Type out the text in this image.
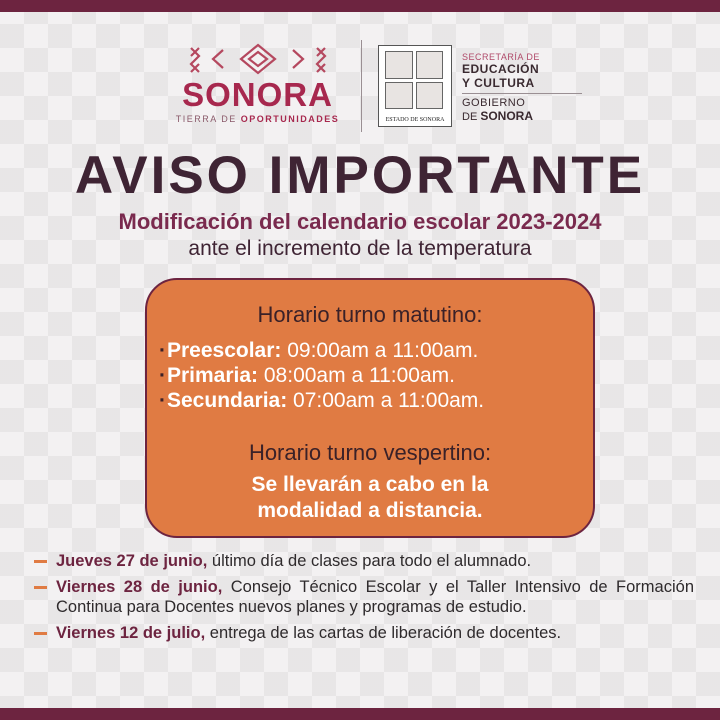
SONORA
TIERRA DE OPORTUNIDADES	ESTADO DE SONORA
SECRETARÍA DE
EDUCACIÓN
Y CULTURA
GOBIERNO
DE SONORA
AVISO IMPORTANTE
Modificación del calendario escolar 2023-2024
ante el incremento de la temperatura
Horario turno matutino:
·Preescolar: 09:00am a 11:00am.
·Primaria: 08:00am a 11:00am.
·Secundaria: 07:00am a 11:00am.
Horario turno vespertino:
Se llevarán a cabo en la
modalidad a distancia.
Jueves 27 de junio, último día de clases para todo el alumnado.
Viernes 28 de junio, Consejo Técnico Escolar y el Taller Intensivo de Formación Continua para Docentes nuevos planes y programas de estudio.
Viernes 12 de julio, entrega de las cartas de liberación de docentes.
